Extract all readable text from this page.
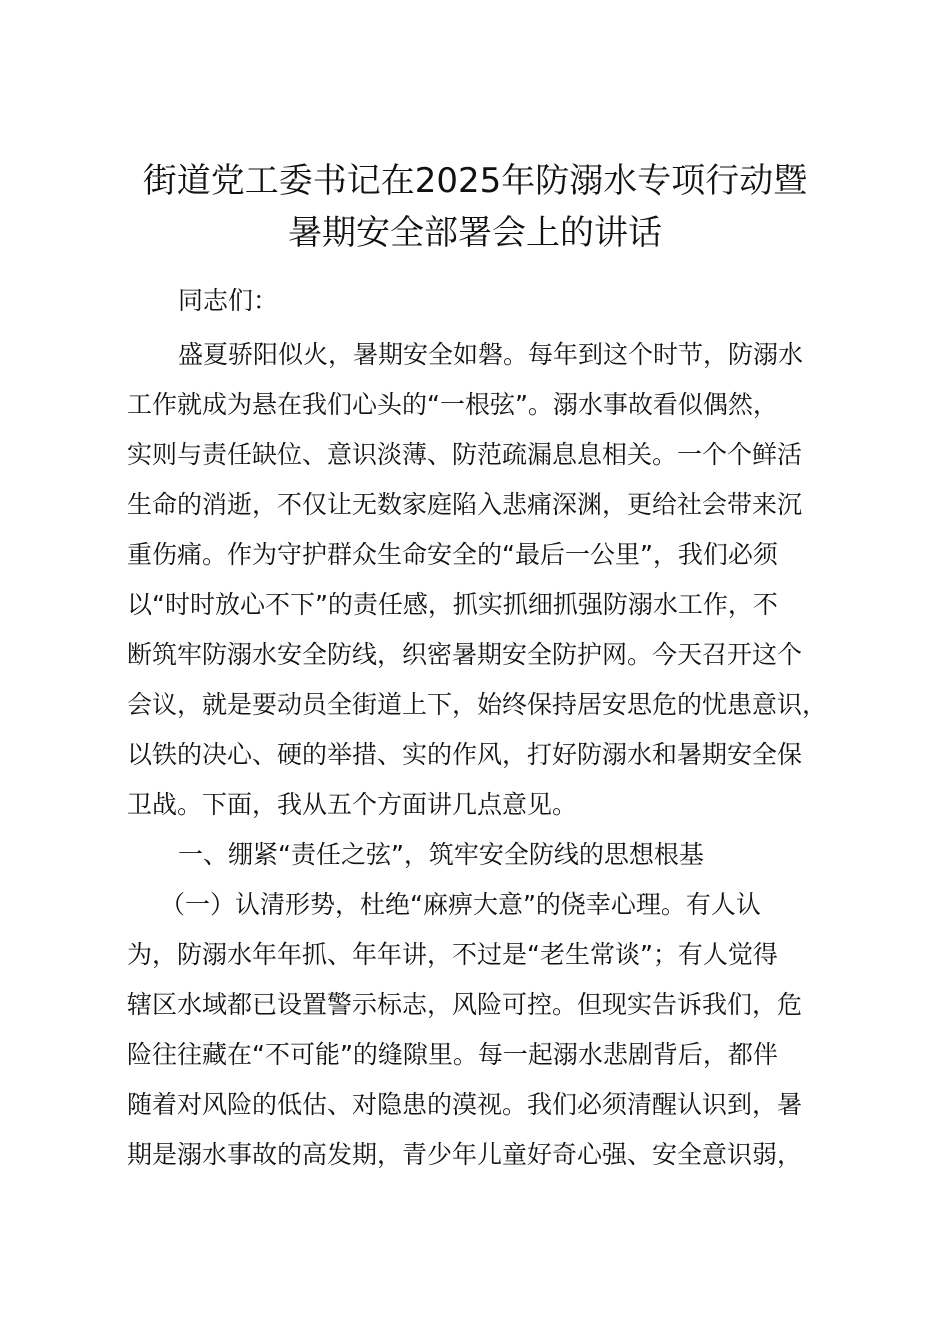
街道党工委书记在2025年防溺水专项行动暨
暑期安全部署会上的讲话
同志们：
盛夏骄阳似火，暑期安全如磐。每年到这个时节，防溺水
工作就成为悬在我们心头的“一根弦”。溺水事故看似偶然，
实则与责任缺位、意识淡薄、防范疏漏息息相关。一个个鲜活
生命的消逝，不仅让无数家庭陷入悲痛深渊，更给社会带来沉
重伤痛。作为守护群众生命安全的“最后一公里”，我们必须
以“时时放心不下”的责任感，抓实抓细抓强防溺水工作，不
断筑牢防溺水安全防线，织密暑期安全防护网。今天召开这个
会议，就是要动员全街道上下，始终保持居安思危的忧患意识，
以铁的决心、硬的举措、实的作风，打好防溺水和暑期安全保
卫战。下面，我从五个方面讲几点意见。
一、绷紧“责任之弦”，筑牢安全防线的思想根基
（一）认清形势，杜绝“麻痹大意”的侥幸心理。有人认
为，防溺水年年抓、年年讲，不过是“老生常谈”；有人觉得
辖区水域都已设置警示标志，风险可控。但现实告诉我们，危
险往往藏在“不可能”的缝隙里。每一起溺水悲剧背后，都伴
随着对风险的低估、对隐患的漠视。我们必须清醒认识到，暑
期是溺水事故的高发期，青少年儿童好奇心强、安全意识弱，
